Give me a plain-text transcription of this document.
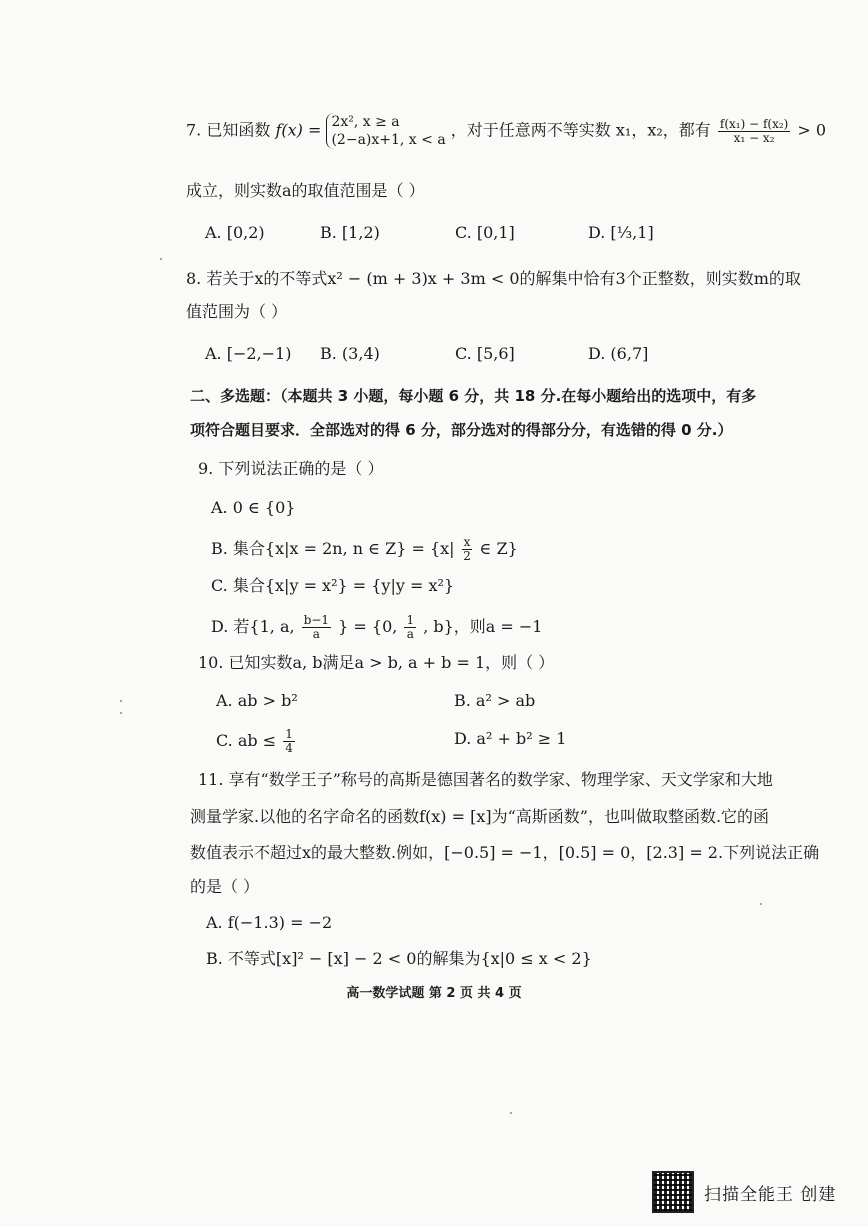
7. 已知函数 f(x) = 2x², x ≥ a
(2−a)x+1, x < a
，对于任意两不等实数 x₁，x₂，都有 $\frac{\text{f(x₁) − f(x₂)}}{\text{x₁ − x₂}} > 0$
成立，则实数a的取值范围是（ ）
A. [0,2)	B. [1,2)	C. [0,1]	D. [⅓,1]
8. 若关于x的不等式x² − (m + 3)x + 3m < 0的解集中恰有3个正整数，则实数m的取
值范围为（ ）
A. [−2,−1) B. (3,4)	C. [5,6]	D. (6,7]
二、多选题：（本题共 3 小题，每小题 6 分，共 18 分.在每小题给出的选项中，有多
项符合题目要求．全部选对的得 6 分，部分选对的得部分分，有选错的得 0 分.）
9. 下列说法正确的是（ ）
A. 0 ∈ {0}
B. 集合{x|x = 2n, n ∈ $Z\} = \{x| \frac{x}{2}$ ∈ Z}
C. 集合{x|y = x²} = {y|y = x²}
D. 若{1, a, $\frac{b-1}{a}$ } = {0, $\frac{1}{a}$ , b}，则a = −1
10. 已知实数a, b满足a > b, a + b = 1，则（ ）
A. ab > b²	B. a² > ab
C. ab ≤ $\frac{1}{4}$	D. a² + b² ≥ 1
11. 享有“数学王子”称号的高斯是德国著名的数学家、物理学家、天文学家和大地
测量学家.以他的名字命名的函数f(x) = [x]为“高斯函数”，也叫做取整函数.它的函
数值表示不超过x的最大整数.例如，[−0.5] = −1，[0.5] = 0，[2.3] = 2.下列说法正确
的是（ ）
A. f(−1.3) = −2
B. 不等式[x]² − [x] − 2 < 0的解集为{x|0 ≤ x < 2}
高一数学试题 第 2 页 共 4 页
扫描全能王 创建
